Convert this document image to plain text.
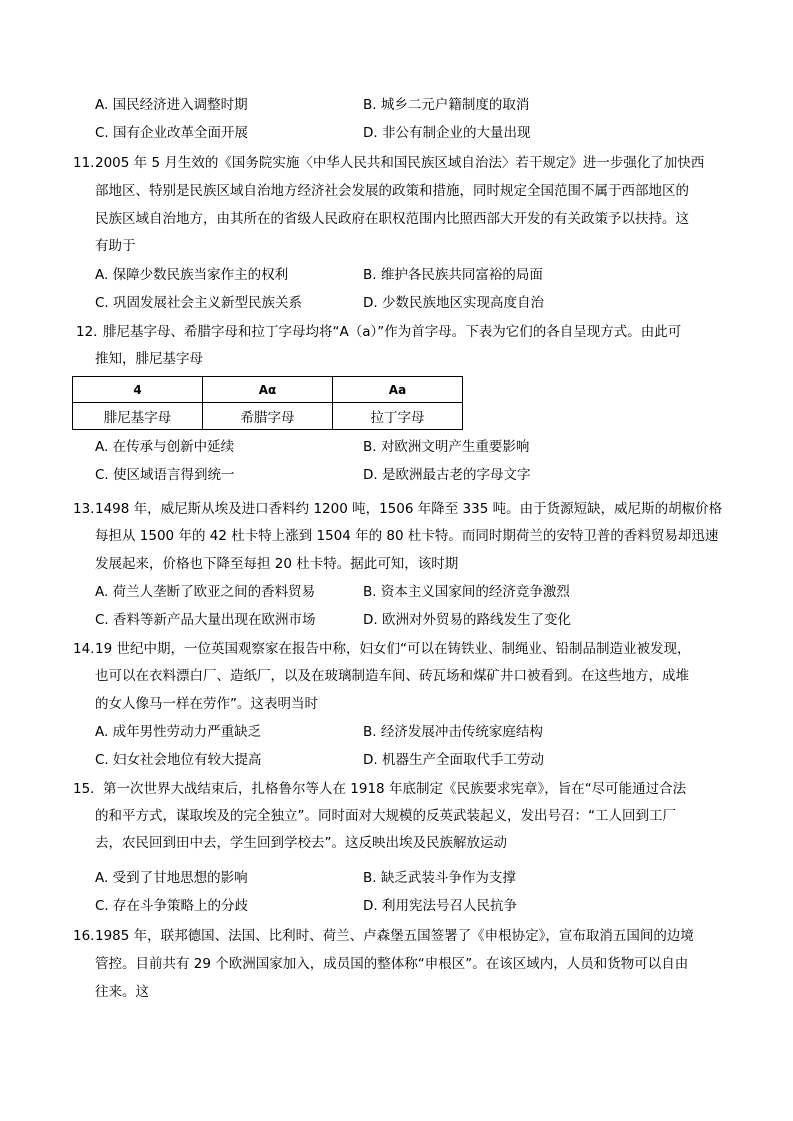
A. 国民经济进入调整时期	B. 城乡二元户籍制度的取消
C. 国有企业改革全面开展	D. 非公有制企业的大量出现
11. 2005 年 5 月生效的《国务院实施〈中华人民共和国民族区域自治法〉若干规定》进一步强化了加快西
部地区、特别是民族区域自治地方经济社会发展的政策和措施，同时规定全国范围不属于西部地区的
民族区域自治地方，由其所在的省级人民政府在职权范围内比照西部大开发的有关政策予以扶持。这
有助于
A. 保障少数民族当家作主的权利	B. 维护各民族共同富裕的局面
C. 巩固发展社会主义新型民族关系	D. 少数民族地区实现高度自治
12．
腓尼基字母、希腊字母和拉丁字母均将“A（a）”作为首字母。下表为它们的各自呈现方式。由此可
推知，腓尼基字母
4	Aα	Aa
腓尼基字母	希腊字母	拉丁字母
A. 在传承与创新中延续	B. 对欧洲文明产生重要影响
C. 使区域语言得到统一	D. 是欧洲最古老的字母文字
13. 1498 年，威尼斯从埃及进口香料约 1200 吨，1506 年降至 335 吨。由于货源短缺，威尼斯的胡椒价格
每担从 1500 年的 42 杜卡特上涨到 1504 年的 80 杜卡特。而同时期荷兰的安特卫普的香料贸易却迅速
发展起来，价格也下降至每担 20 杜卡特。据此可知，该时期
A. 荷兰人垄断了欧亚之间的香料贸易	B. 资本主义国家间的经济竞争激烈
C. 香料等新产品大量出现在欧洲市场	D. 欧洲对外贸易的路线发生了变化
14. 19 世纪中期，一位英国观察家在报告中称，妇女们“可以在铸铁业、制绳业、铅制品制造业被发现，
也可以在衣料漂白厂、造纸厂，以及在玻璃制造车间、砖瓦场和煤矿井口被看到。在这些地方，成堆
的女人像马一样在劳作”。这表明当时
A. 成年男性劳动力严重缺乏	B. 经济发展冲击传统家庭结构
C. 妇女社会地位有较大提高	D. 机器生产全面取代手工劳动
15． 第一次世界大战结束后，扎格鲁尔等人在 1918 年底制定《民族要求宪章》，旨在“尽可能通过合法
的和平方式，谋取埃及的完全独立”。同时面对大规模的反英武装起义，发出号召：“工人回到工厂
去，农民回到田中去，学生回到学校去”。这反映出埃及民族解放运动
A. 受到了甘地思想的影响	B. 缺乏武装斗争作为支撑
C. 存在斗争策略上的分歧	D. 利用宪法号召人民抗争
16. 1985 年，联邦德国、法国、比利时、荷兰、卢森堡五国签署了《申根协定》，宣布取消五国间的边境
管控。目前共有 29 个欧洲国家加入，成员国的整体称“申根区”。在该区域内，人员和货物可以自由
往来。这
